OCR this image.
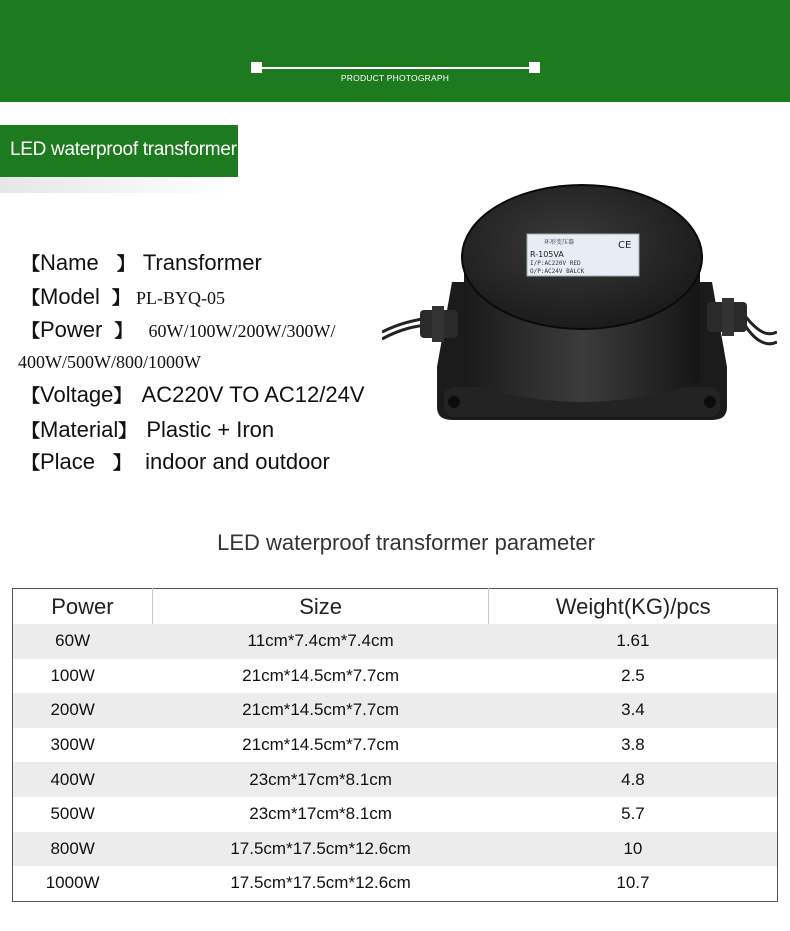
PRODUCT PHOTOGRAPH
LED waterproof transformer
【Name 】 Transformer
【Model 】 PL-BYQ-05
【Power 】 60W/100W/200W/300W/
400W/500W/800/1000W
【Voltage】 AC220V TO AC12/24V
【Material】 Plastic + Iron
【Place 】 indoor and outdoor
环形变压器	CE
R-105VA
I/P:AC220V RED
O/P:AC24V BALCK
LED waterproof transformer parameter
Power	Size	Weight(KG)/pcs
60W	11cm*7.4cm*7.4cm	1.61
100W	21cm*14.5cm*7.7cm	2.5
200W	21cm*14.5cm*7.7cm	3.4
300W	21cm*14.5cm*7.7cm	3.8
400W	23cm*17cm*8.1cm	4.8
500W	23cm*17cm*8.1cm	5.7
800W	17.5cm*17.5cm*12.6cm	10
1000W	17.5cm*17.5cm*12.6cm	10.7
